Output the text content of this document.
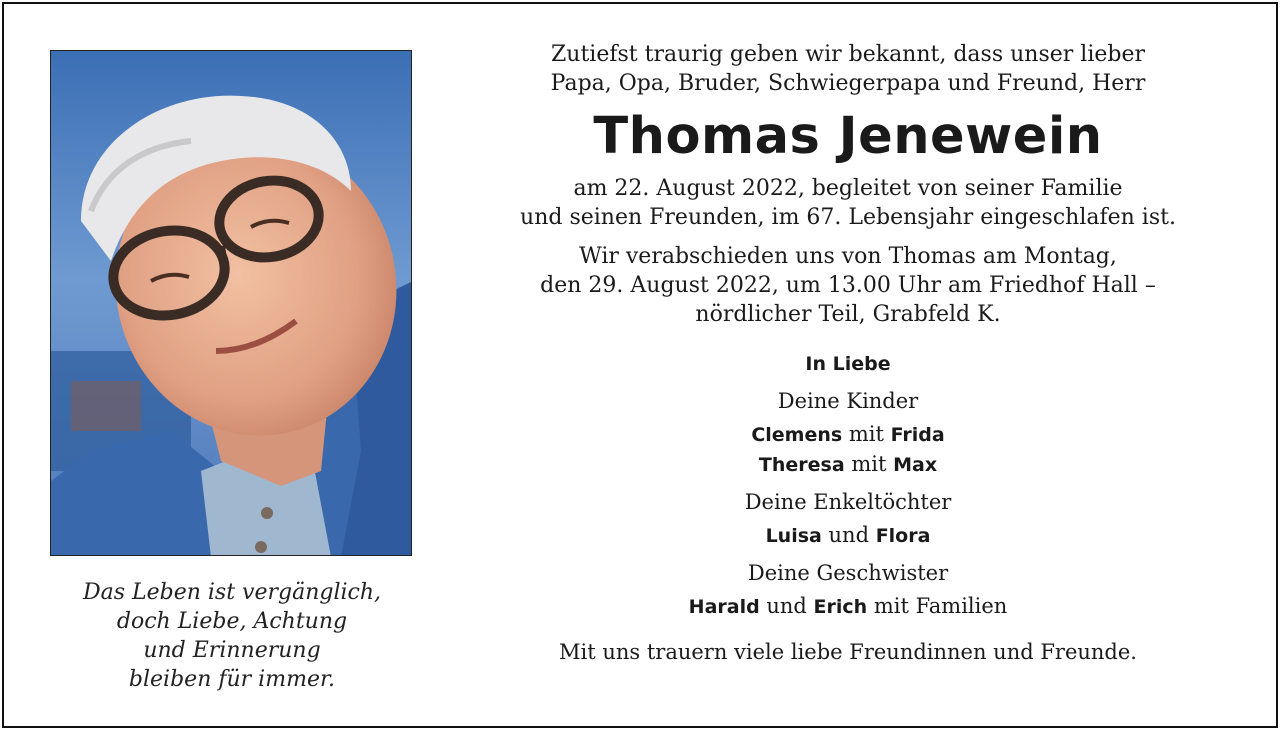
Das Leben ist vergänglich,
doch Liebe, Achtung
und Erinnerung
bleiben für immer.
Zutiefst traurig geben wir bekannt, dass unser lieber
Papa, Opa, Bruder, Schwiegerpapa und Freund, Herr
Thomas Jenewein
am 22. August 2022, begleitet von seiner Familie
und seinen Freunden, im 67. Lebensjahr eingeschlafen ist.
Wir verabschieden uns von Thomas am Montag,
den 29. August 2022, um 13.00 Uhr am Friedhof Hall –
nördlicher Teil, Grabfeld K.
In Liebe
Deine Kinder
Clemens mit Frida
Theresa mit Max
Deine Enkeltöchter
Luisa und Flora
Deine Geschwister
Harald und Erich mit Familien
Mit uns trauern viele liebe Freundinnen und Freunde.
